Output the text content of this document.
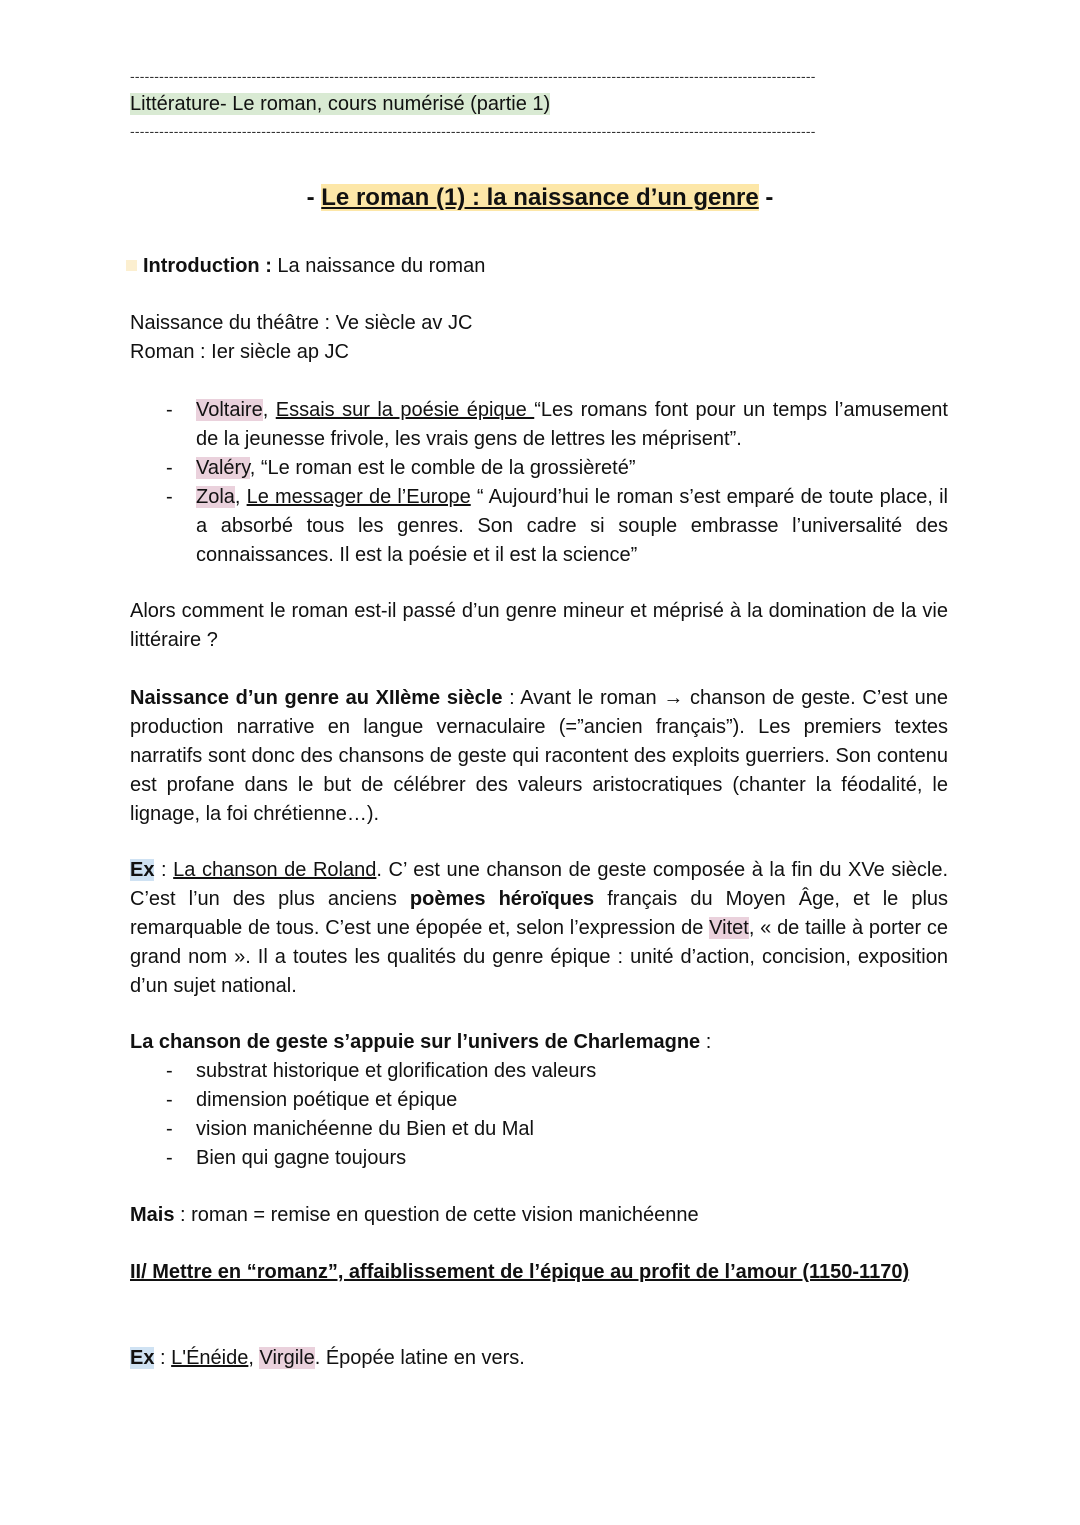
---------------------------------------------------------------------------------------------------------------------------------------------
Littérature- Le roman, cours numérisé (partie 1)
---------------------------------------------------------------------------------------------------------------------------------------------
- Le roman (1) : la naissance d’un genre -
Introduction : La naissance du roman
Naissance du théâtre : Ve siècle av JC
Roman : Ier siècle ap JC
- Voltaire, Essais sur la poésie épique “Les romans font pour un temps l’amusement de la jeunesse frivole, les vrais gens de lettres les méprisent”.
- Valéry, “Le roman est le comble de la grossièreté”
- Zola, Le messager de l’Europe “ Aujourd’hui le roman s’est emparé de toute place, il a absorbé tous les genres. Son cadre si souple embrasse l’universalité des connaissances. Il est la poésie et il est la science”
Alors comment le roman est-il passé d’un genre mineur et méprisé à la domination de la vie littéraire ?
Naissance d’un genre au XIIème siècle : Avant le roman → chanson de geste. C’est une production narrative en langue vernaculaire (=”ancien français”). Les premiers textes narratifs sont donc des chansons de geste qui racontent des exploits guerriers. Son contenu est profane dans le but de célébrer des valeurs aristocratiques (chanter la féodalité, le lignage, la foi chrétienne…).
Ex : La chanson de Roland. C’ est une chanson de geste composée à la fin du XVe siècle. C’est l’un des plus anciens poèmes héroïques français du Moyen Âge, et le plus remarquable de tous. C’est une épopée et, selon l’expression de Vitet, « de taille à porter ce grand nom ». Il a toutes les qualités du genre épique : unité d’action, concision, exposition d’un sujet national.
La chanson de geste s’appuie sur l’univers de Charlemagne :
- substrat historique et glorification des valeurs
- dimension poétique et épique
- vision manichéenne du Bien et du Mal
- Bien qui gagne toujours
Mais : roman = remise en question de cette vision manichéenne
II/ Mettre en “romanz”, affaiblissement de l’épique au profit de l’amour (1150-1170)
Ex : L'Énéide, Virgile. Épopée latine en vers.
